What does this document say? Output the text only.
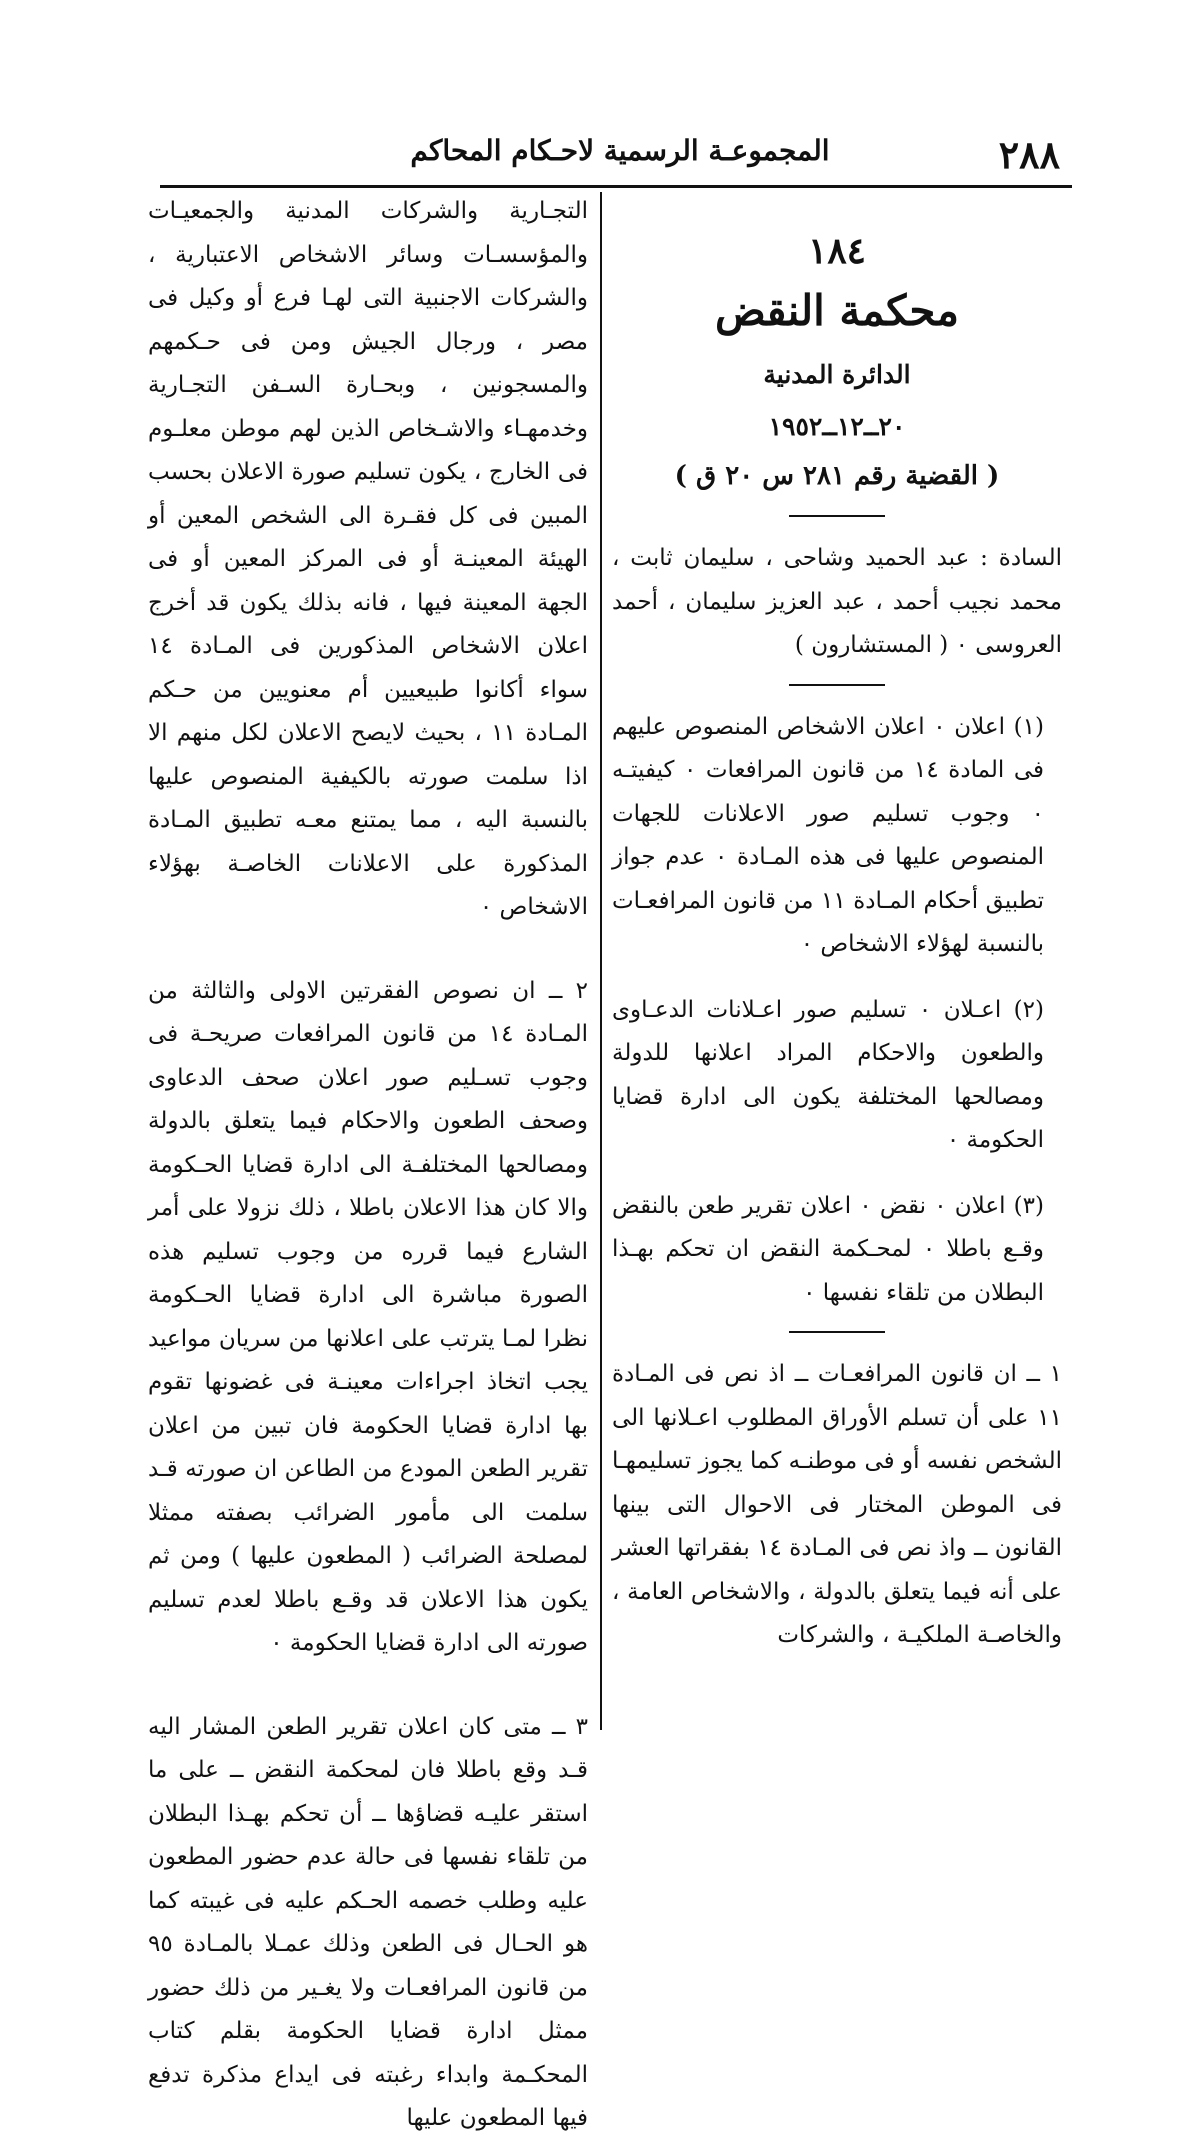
٢٨٨
المجموعـة الرسمية لاحـكام المحاكم
١٨٤
محكمة النقض
الدائرة المدنية
٢٠ــ١٢ــ١٩٥٢
( القضية رقم ٢٨١ س ٢٠ ق )

السادة : عبد الحميد وشاحى ، سليمان ثابت ، محمد نجيب أحمد ، عبد العزيز سليمان ، أحمد العروسى ٠ ( المستشارون )

(١) اعلان ٠ اعلان الاشخاص المنصوص عليهم فى المادة ١٤ من قانون المرافعات ٠ كيفيتـه ٠ وجوب تسليم صور الاعلانات للجهات المنصوص عليها فى هذه المـادة ٠ عدم جواز تطبيق أحكام المـادة ١١ من قانون المرافعـات بالنسبة لهؤلاء الاشخاص ٠

(٢) اعـلان ٠ تسليم صور اعـلانات الدعـاوى والطعون والاحكام المراد اعلانها للدولة ومصالحها المختلفة يكون الى ادارة قضايا الحكومة ٠

(٣) اعلان ٠ نقض ٠ اعلان تقرير طعن بالنقض وقـع باطلا ٠ لمحـكمة النقض ان تحكم بهـذا البطلان من تلقاء نفسها ٠

١ ــ ان قانون المرافعـات ــ اذ نص فى المـادة ١١ على أن تسلم الأوراق المطلوب اعـلانها الى الشخص نفسه أو فى موطنـه كما يجوز تسليمهـا فى الموطن المختار فى الاحوال التى بينها القانون ــ واذ نص فى المـادة ١٤ بفقراتها العشر على أنه فيما يتعلق بالدولة ، والاشخاص العامة ، والخاصـة الملكيـة ، والشركات

التجـارية والشركات المدنية والجمعيـات والمؤسسـات وسائر الاشخاص الاعتبارية ، والشركات الاجنبية التى لهـا فرع أو وكيل فى مصر ، ورجال الجيش ومن فى حـكمهم والمسجونين ، وبحـارة السـفن التجـارية وخدمهـاء والاشـخاص الذين لهم موطن معلـوم فى الخارج ، يكون تسليم صورة الاعلان بحسب المبين فى كل فقـرة الى الشخص المعين أو الهيئة المعينـة أو فى المركز المعين أو فى الجهة المعينة فيها ، فانه بذلك يكون قد أخرج اعلان الاشخاص المذكورين فى المـادة ١٤ سواء أكانوا طبيعيين أم معنويين من حـكم المـادة ١١ ، بحيث لايصح الاعلان لكل منهم الا اذا سلمت صورته بالكيفية المنصوص عليها بالنسبة اليه ، مما يمتنع معـه تطبيق المـادة المذكورة على الاعلانات الخاصـة بهؤلاء الاشخاص ٠

٢ ــ ان نصوص الفقرتين الاولى والثالثة من المـادة ١٤ من قانون المرافعات صريحـة فى وجوب تسـليم صور اعلان صحف الدعاوى وصحف الطعون والاحكام فيما يتعلق بالدولة ومصالحها المختلفـة الى ادارة قضايا الحـكومة والا كان هذا الاعلان باطلا ، ذلك نزولا على أمر الشارع فيما قرره من وجوب تسليم هذه الصورة مباشرة الى ادارة قضايا الحـكومة نظرا لمـا يترتب على اعلانها من سريان مواعيد يجب اتخاذ اجراءات معينـة فى غضونها تقوم بها ادارة قضايا الحكومة فان تبين من اعلان تقرير الطعن المودع من الطاعن ان صورته قـد سلمت الى مأمور الضرائب بصفته ممثلا لمصلحة الضرائب ( المطعون عليها ) ومن ثم يكون هذا الاعلان قد وقـع باطلا لعدم تسليم صورته الى ادارة قضايا الحكومة ٠

٣ ــ متى كان اعلان تقرير الطعن المشار اليه قـد وقع باطلا فان لمحكمة النقض ــ على ما استقر عليـه قضاؤها ــ أن تحكم بهـذا البطلان من تلقاء نفسها فى حالة عدم حضور المطعون عليه وطلب خصمه الحـكم عليه فى غيبته كما هو الحـال فى الطعن وذلك عمـلا بالمـادة ٩٥ من قانون المرافعـات ولا يغـير من ذلك حضور ممثل ادارة قضايا الحكومة بقلم كتاب المحكـمة وابداء رغبته فى ايداع مذكرة تدفع فيها المطعون عليها
